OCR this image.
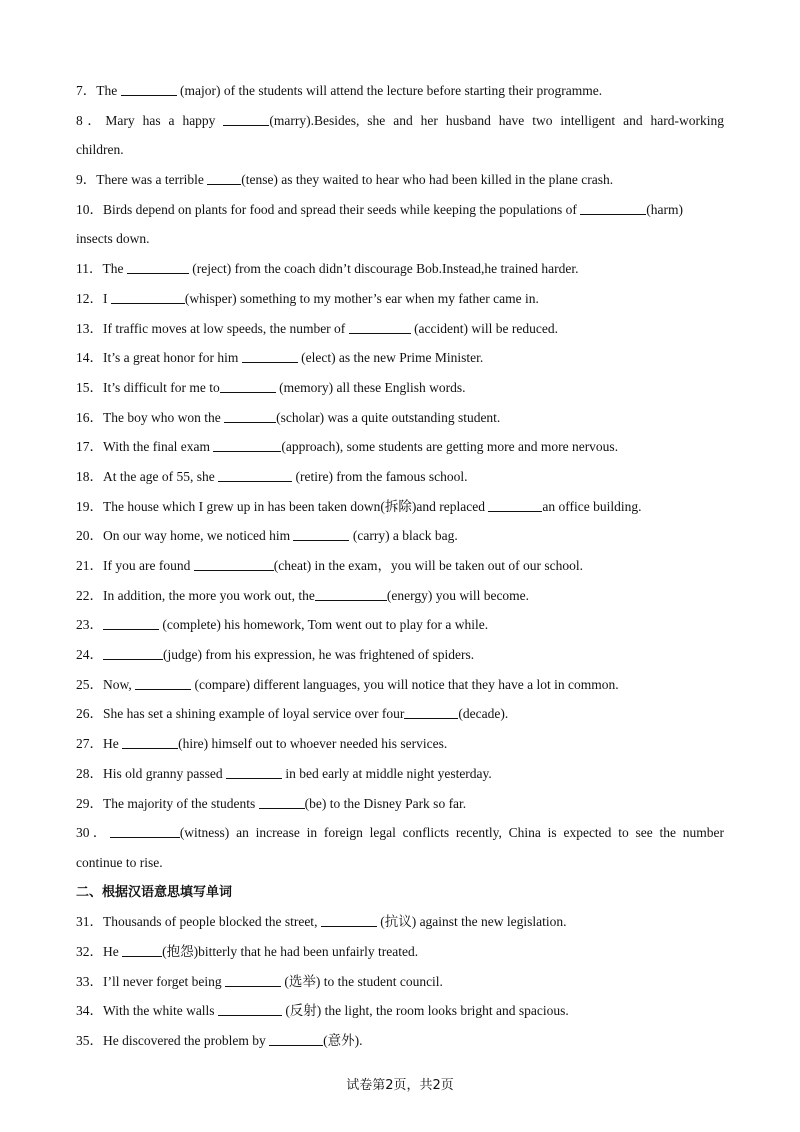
7．The	(major) of the students will attend the lecture before starting their programme.
8．Mary has a happy	(marry).Besides, she and her husband have two intelligent and hard-working
children.
9．There was a terrible	(tense) as they waited to hear who had been killed in the plane crash.
10．Birds depend on plants for food and spread their seeds while keeping the populations of	(harm)
insects down.
11．The	(reject) from the coach didn’t discourage Bob.Instead,he trained harder.
12．I	(whisper) something to my mother’s ear when my father came in.
13．If traffic moves at low speeds, the number of	(accident) will be reduced.
14．It’s a great honor for him	(elect) as the new Prime Minister.
15．It’s difficult for me to	(memory) all these English words.
16．The boy who won the	(scholar) was a quite outstanding student.
17．With the final exam	(approach), some students are getting more and more nervous.
18．At the age of 55, she	(retire) from the famous school.
19．The house which I grew up in has been taken down(拆除)and replaced	an office building.
20．On our way home, we noticed him	(carry) a black bag.
21．If you are found	(cheat) in the exam，you will be taken out of our school.
22．In addition, the more you work out, the	(energy) you will become.
23．	(complete) his homework, Tom went out to play for a while.
24．	(judge) from his expression, he was frightened of spiders.
25．Now,	(compare) different languages, you will notice that they have a lot in common.
26．She has set a shining example of loyal service over four	(decade).
27．He	(hire) himself out to whoever needed his services.
28．His old granny passed	in bed early at middle night yesterday.
29．The majority of the students	(be) to the Disney Park so far.
30．	(witness) an increase in foreign legal conflicts recently, China is expected to see the number
continue to rise.
二、根据汉语意思填写单词
31．Thousands of people blocked the street,	(抗议) against the new legislation.
32．He	(抱怨)bitterly that he had been unfairly treated.
33．I’ll never forget being	(选举) to the student council.
34．With the white walls	(反射) the light, the room looks bright and spacious.
35．He discovered the problem by	(意外).
试卷第2页，共2页
